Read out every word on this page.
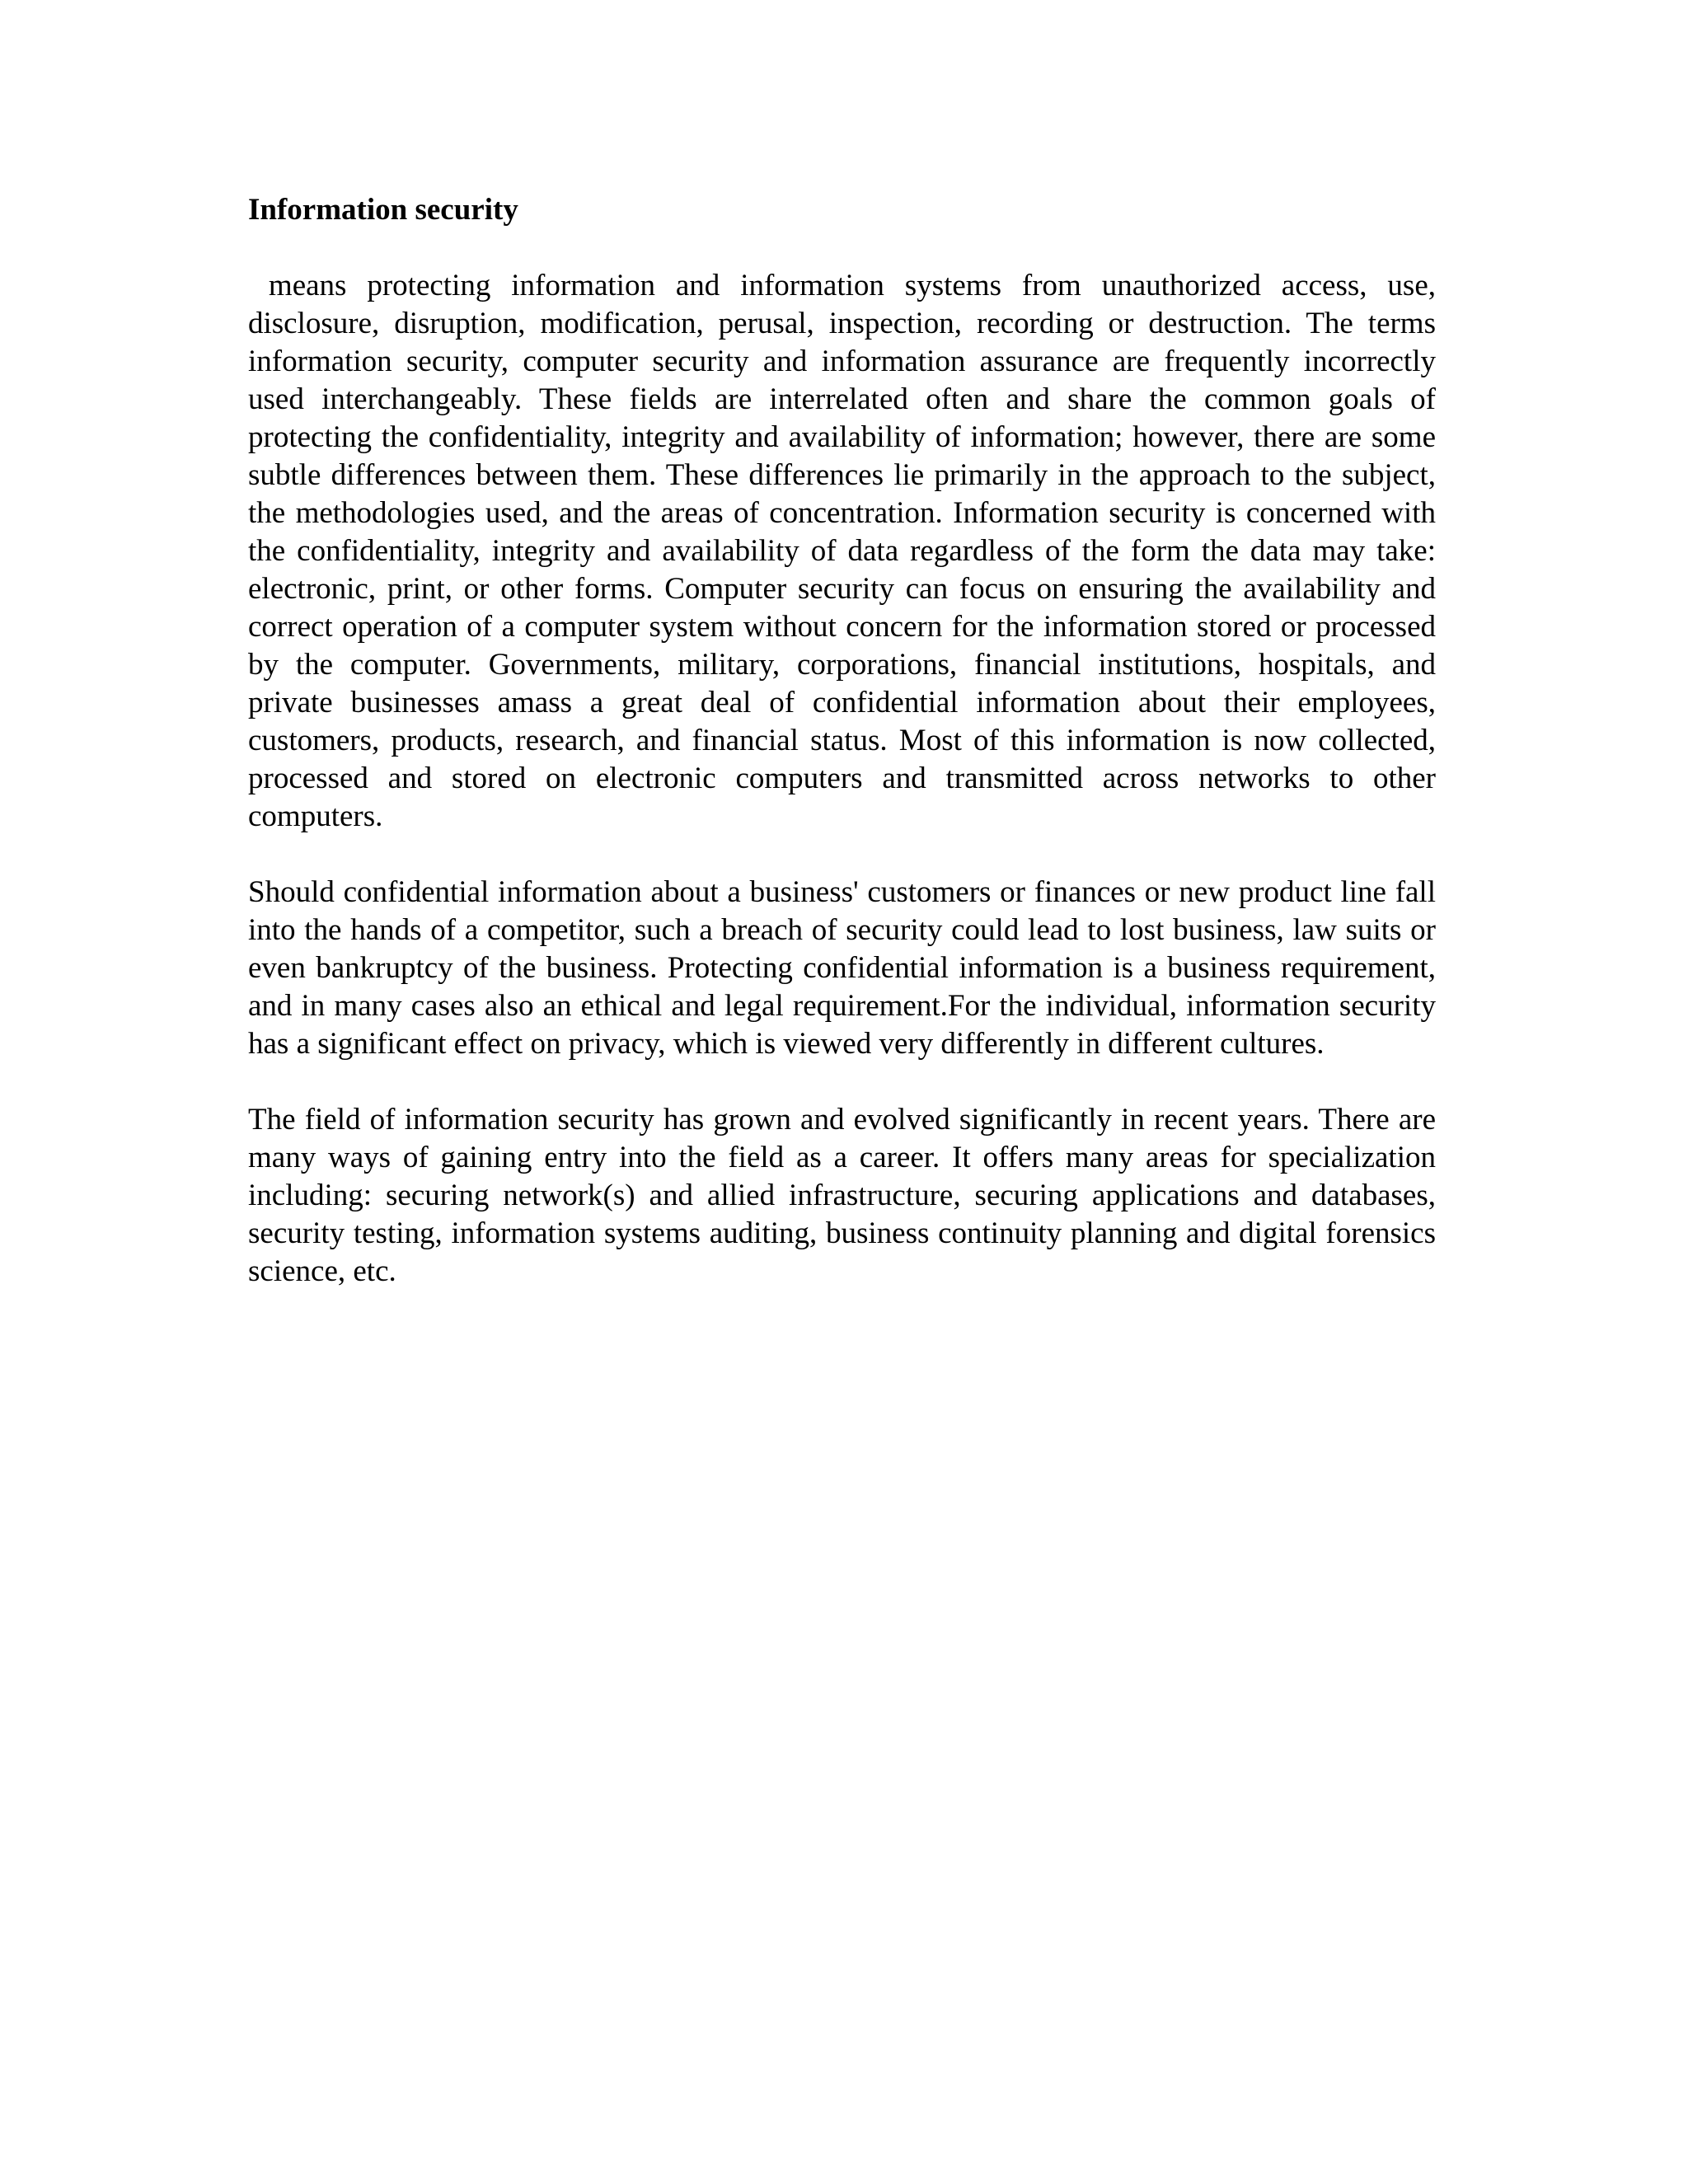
Information security

means protecting information and information systems from unauthorized access, use, disclosure, disruption, modification, perusal, inspection, recording or destruction. The terms information security, computer security and information assurance are frequently incorrectly used interchangeably. These fields are interrelated often and share the common goals of protecting the confidentiality, integrity and availability of information; however, there are some subtle differences between them. These differences lie primarily in the approach to the subject, the methodologies used, and the areas of concentration. Information security is concerned with the confidentiality, integrity and availability of data regardless of the form the data may take: electronic, print, or other forms. Computer security can focus on ensuring the availability and correct operation of a computer system without concern for the information stored or processed by the computer. Governments, military, corporations, financial institutions, hospitals, and private businesses amass a great deal of confidential information about their employees, customers, products, research, and financial status. Most of this information is now collected, processed and stored on electronic computers and transmitted across networks to other computers.

Should confidential information about a business' customers or finances or new product line fall into the hands of a competitor, such a breach of security could lead to lost business, law suits or even bankruptcy of the business. Protecting confidential information is a business requirement, and in many cases also an ethical and legal requirement.For the individual, information security has a significant effect on privacy, which is viewed very differently in different cultures.

The field of information security has grown and evolved significantly in recent years. There are many ways of gaining entry into the field as a career. It offers many areas for specialization including: securing network(s) and allied infrastructure, securing applications and databases, security testing, information systems auditing, business continuity planning and digital forensics science, etc.
